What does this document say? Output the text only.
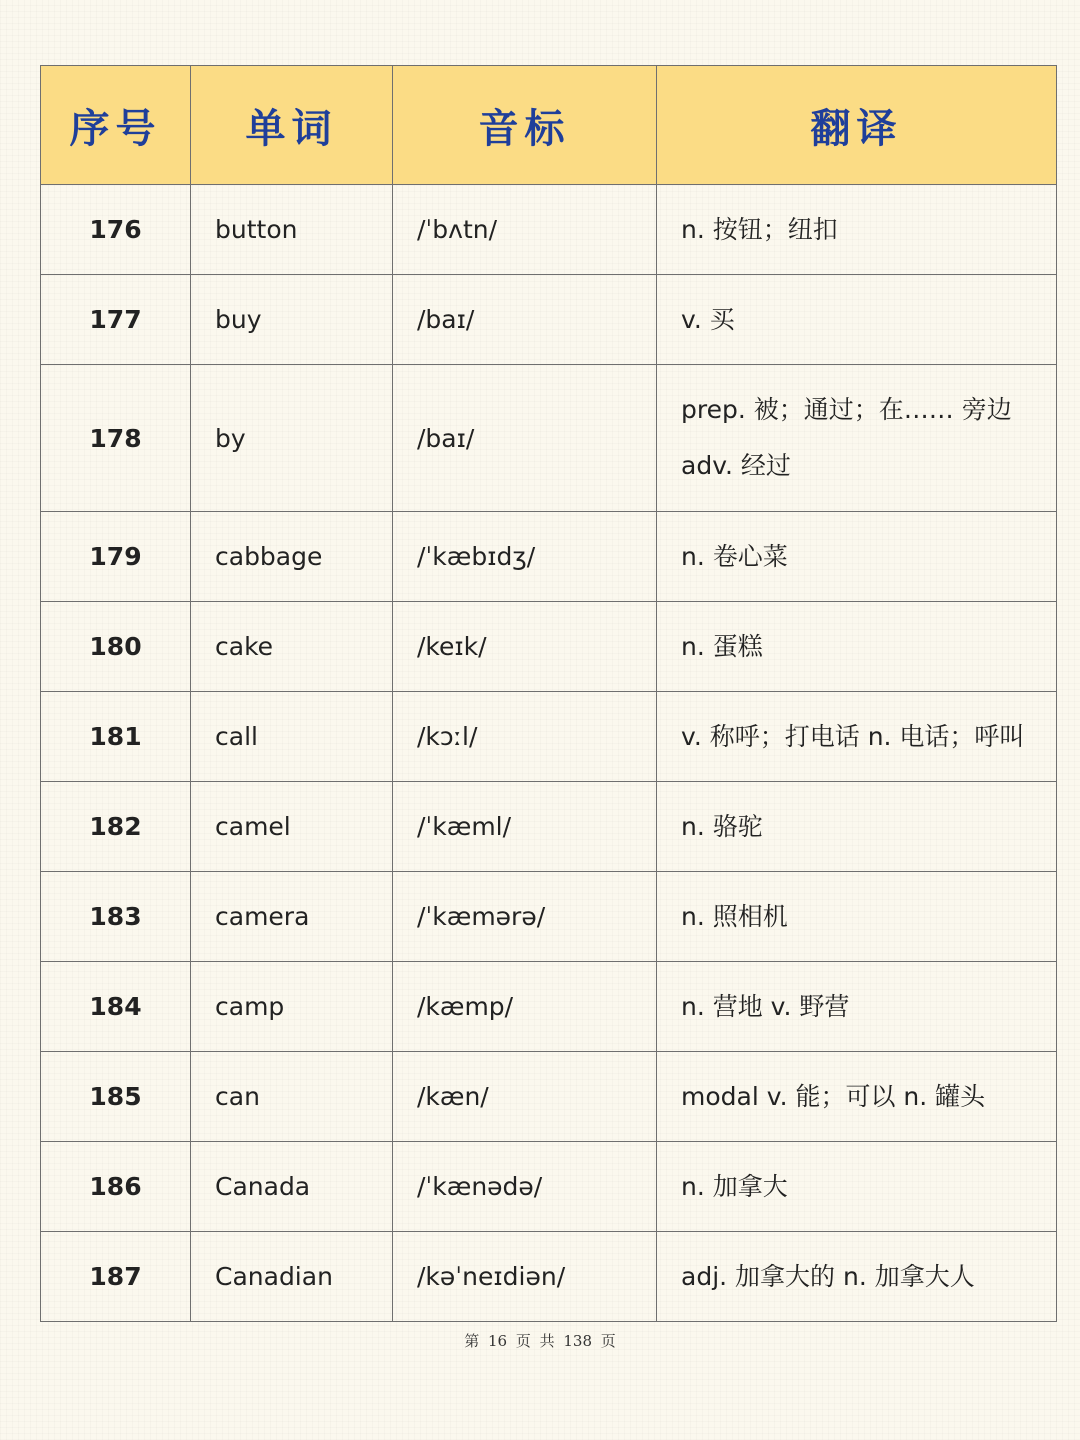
序号	单词	音标	翻译
176	button	/ˈbʌtn/	n. 按钮；纽扣

177	buy	/baɪ/	v. 买

178	by	/baɪ/	prep. 被；通过；在…… 旁边
adv. 经过

179	cabbage	/ˈkæbɪdʒ/	n. 卷心菜

180	cake	/keɪk/	n. 蛋糕

181	call	/kɔːl/	v. 称呼；打电话 n. 电话；呼叫

182	camel	/ˈkæml/	n. 骆驼

183	camera	/ˈkæmərə/	n. 照相机

184	camp	/kæmp/	n. 营地 v. 野营

185	can	/kæn/	modal v. 能；可以 n. 罐头

186	Canada	/ˈkænədə/	n. 加拿大

187	Canadian	/kəˈneɪdiən/	adj. 加拿大的 n. 加拿大人
第 16 页 共 138 页
